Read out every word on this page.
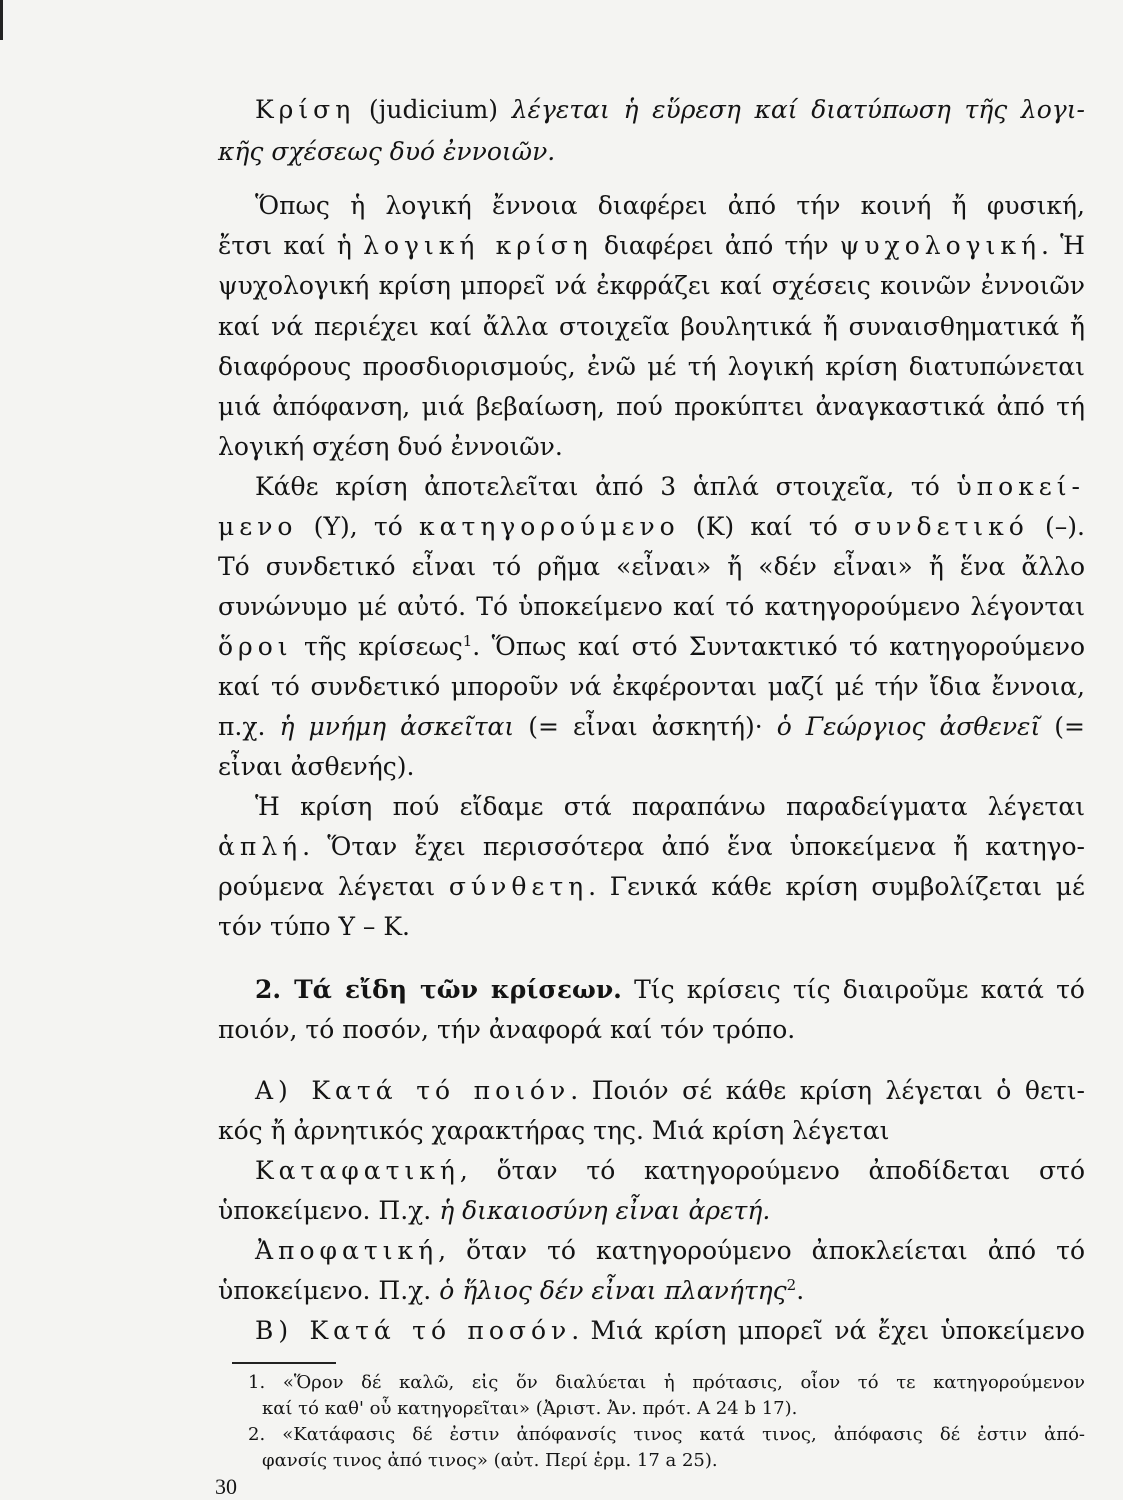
Κρίση (judicium) λέγεται ἡ εὕρεση καί διατύπωση τῆς λογι-
κῆς σχέσεως δυό ἐννοιῶν.
Ὅπως ἡ λογική ἔννοια διαφέρει ἀπό τήν κοινή ἤ φυσική,
ἔτσι καί ἡ λογική κρίση διαφέρει ἀπό τήν ψυχολογική. Ἡ
ψυχολογική κρίση μπορεῖ νά ἐκφράζει καί σχέσεις κοινῶν ἐννοιῶν
καί νά περιέχει καί ἄλλα στοιχεῖα βουλητικά ἤ συναισθηματικά ἤ
διαφόρους προσδιορισμούς, ἐνῶ μέ τή λογική κρίση διατυπώνεται
μιά ἀπόφανση, μιά βεβαίωση, πού προκύπτει ἀναγκαστικά ἀπό τή
λογική σχέση δυό ἐννοιῶν.
Κάθε κρίση ἀποτελεῖται ἀπό 3 ἁπλά στοιχεῖα, τό ὑποκεί-
μενο (Υ), τό κατηγορούμενο (Κ) καί τό συνδετικό (–).
Τό συνδετικό εἶναι τό ρῆμα «εἶναι» ἤ «δέν εἶναι» ἤ ἕνα ἄλλο
συνώνυμο μέ αὐτό. Τό ὑποκείμενο καί τό κατηγορούμενο λέγονται
ὅροι τῆς κρίσεως$^1$. Ὅπως καί στό Συντακτικό τό κατηγορούμενο
καί τό συνδετικό μποροῦν νά ἐκφέρονται μαζί μέ τήν ἴδια ἔννοια,
π.χ. ἡ μνήμη ἀσκεῖται (= εἶναι ἀσκητή)· ὁ Γεώργιος ἀσθενεῖ (=
εἶναι ἀσθενής).
Ἡ κρίση πού εἴδαμε στά παραπάνω παραδείγματα λέγεται
ἁπλή. Ὅταν ἔχει περισσότερα ἀπό ἕνα ὑποκείμενα ἤ κατηγο-
ρούμενα λέγεται σύνθετη. Γενικά κάθε κρίση συμβολίζεται μέ
τόν τύπο Υ – Κ.
2. Τά εἴδη τῶν κρίσεων. Τίς κρίσεις τίς διαιροῦμε κατά τό
ποιόν, τό ποσόν, τήν ἀναφορά καί τόν τρόπο.
Α) Κατά τό ποιόν. Ποιόν σέ κάθε κρίση λέγεται ὁ θετι-
κός ἤ ἀρνητικός χαρακτήρας της. Μιά κρίση λέγεται
Καταφατική, ὅταν τό κατηγορούμενο ἀποδίδεται στό
ὑποκείμενο. Π.χ. ἡ δικαιοσύνη εἶναι ἀρετή.
Ἀποφατική, ὅταν τό κατηγορούμενο ἀποκλείεται ἀπό τό
ὑποκείμενο. Π.χ. ὁ ἥλιος δέν εἶναι πλανήτης$^2$.
Β) Κατά τό ποσόν. Μιά κρίση μπορεῖ νά ἔχει ὑποκείμενο
1. «Ὅρον δέ καλῶ, εἰς ὅν διαλύεται ἡ πρότασις, οἷον τό τε κατηγορούμενον
καί τό καθ' οὗ κατηγορεῖται» (Ἀριστ. Ἀν. πρότ. Α 24 b 17).
2. «Κατάφασις δέ ἐστιν ἀπόφανσίς τινος κατά τινος, ἀπόφασις δέ ἐστιν ἀπό-
φανσίς τινος ἀπό τινος» (αὐτ. Περί ἑρμ. 17 a 25).
30
